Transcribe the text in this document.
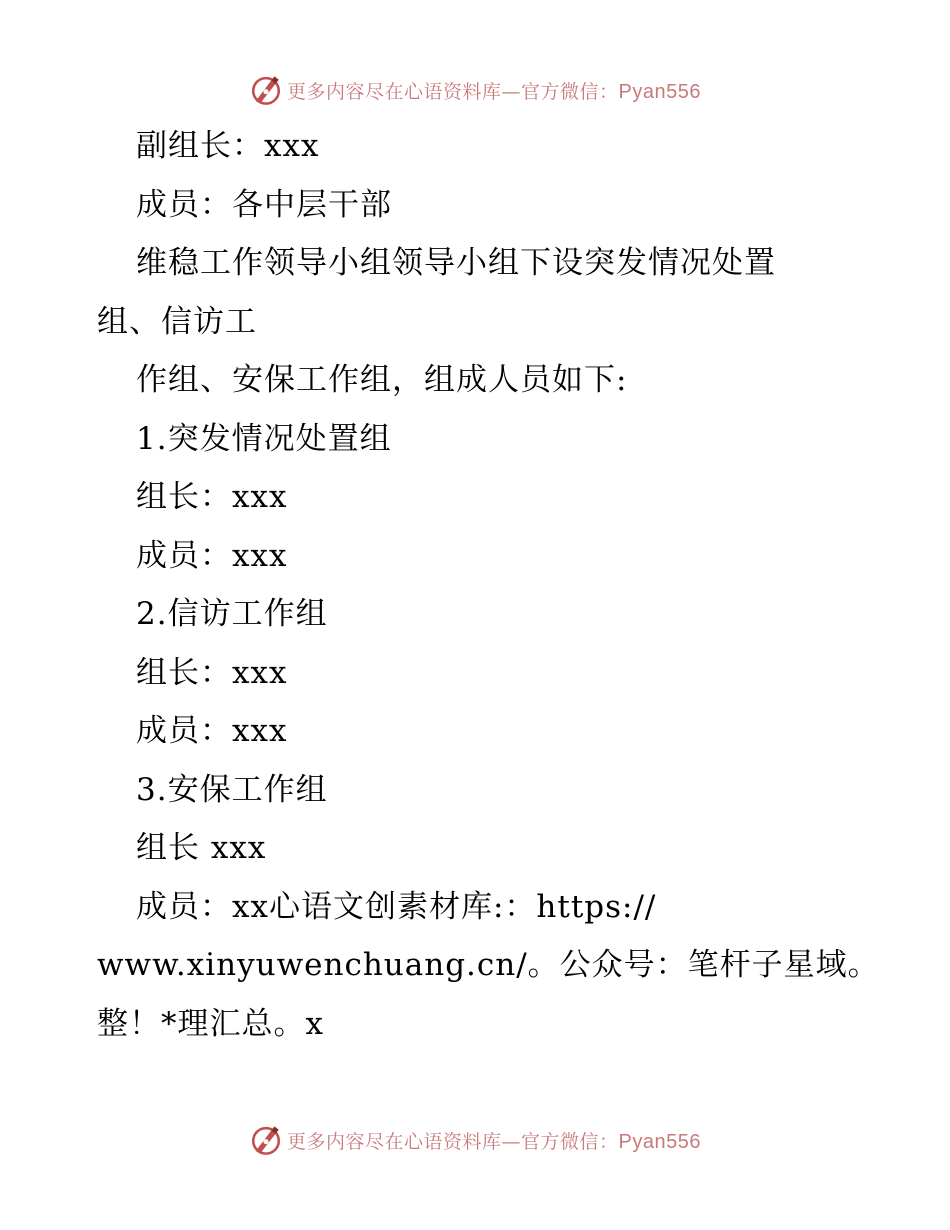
更多内容尽在心语资料库—官方微信：Pyan556
副组长：xxx
成员：各中层干部
维稳工作领导小组领导小组下设突发情况处置
组、信访工
作组、安保工作组，组成人员如下:
1.突发情况处置组
组长：xxx
成员：xxx
2.信访工作组
组长：xxx
成员：xxx
3.安保工作组
组长 xxx
成员：xx心语文创素材库:：https://
www.xinyuwenchuang.cn/。公众号：笔杆子星域。
整！*理汇总。x
更多内容尽在心语资料库—官方微信：Pyan556
